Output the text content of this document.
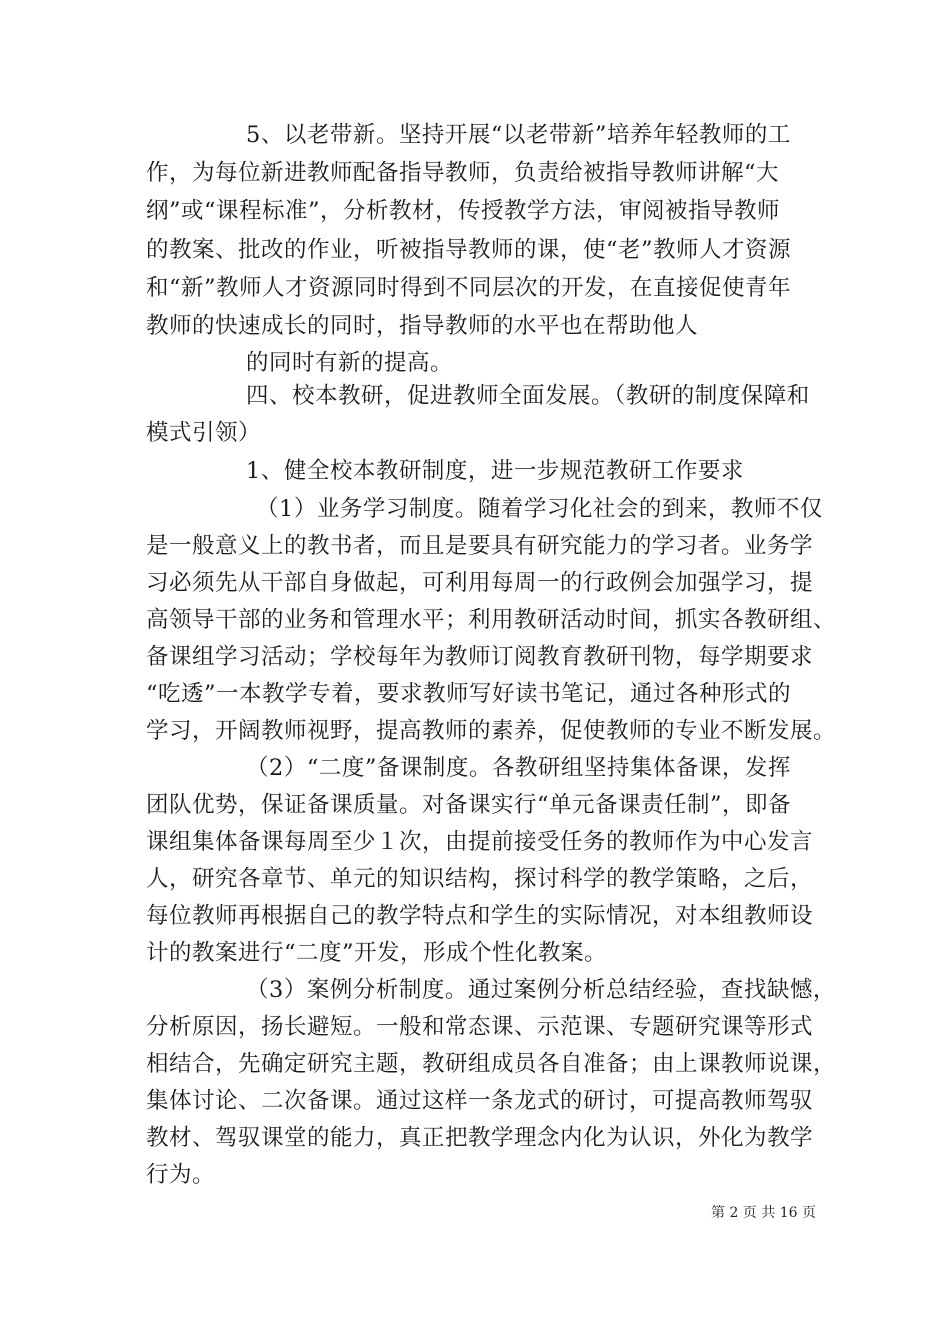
5、以老带新。坚持开展“以老带新”培养年轻教师的工

作，为每位新进教师配备指导教师，负责给被指导教师讲解“大

纲”或“课程标准”，分析教材，传授教学方法，审阅被指导教师

的教案、批改的作业，听被指导教师的课，使“老”教师人才资源

和“新”教师人才资源同时得到不同层次的开发，在直接促使青年

教师的快速成长的同时，指导教师的水平也在帮助他人

的同时有新的提高。

四、校本教研，促进教师全面发展。（教研的制度保障和

模式引领）

1、健全校本教研制度，进一步规范教研工作要求

（1）业务学习制度。随着学习化社会的到来，教师不仅

是一般意义上的教书者，而且是要具有研究能力的学习者。业务学

习必须先从干部自身做起，可利用每周一的行政例会加强学习，提

高领导干部的业务和管理水平；利用教研活动时间，抓实各教研组、

备课组学习活动；学校每年为教师订阅教育教研刊物，每学期要求

“吃透”一本教学专着，要求教师写好读书笔记，通过各种形式的

学习，开阔教师视野，提高教师的素养，促使教师的专业不断发展。

（2）“二度”备课制度。各教研组坚持集体备课，发挥

团队优势，保证备课质量。对备课实行“单元备课责任制”，即备

课组集体备课每周至少１次，由提前接受任务的教师作为中心发言

人，研究各章节、单元的知识结构，探讨科学的教学策略，之后，

每位教师再根据自己的教学特点和学生的实际情况，对本组教师设

计的教案进行“二度”开发，形成个性化教案。

（3）案例分析制度。通过案例分析总结经验，查找缺憾，

分析原因，扬长避短。一般和常态课、示范课、专题研究课等形式

相结合，先确定研究主题，教研组成员各自准备；由上课教师说课，

集体讨论、二次备课。通过这样一条龙式的研讨，可提高教师驾驭

教材、驾驭课堂的能力，真正把教学理念内化为认识，外化为教学

行为。

第 2 页 共 16 页
